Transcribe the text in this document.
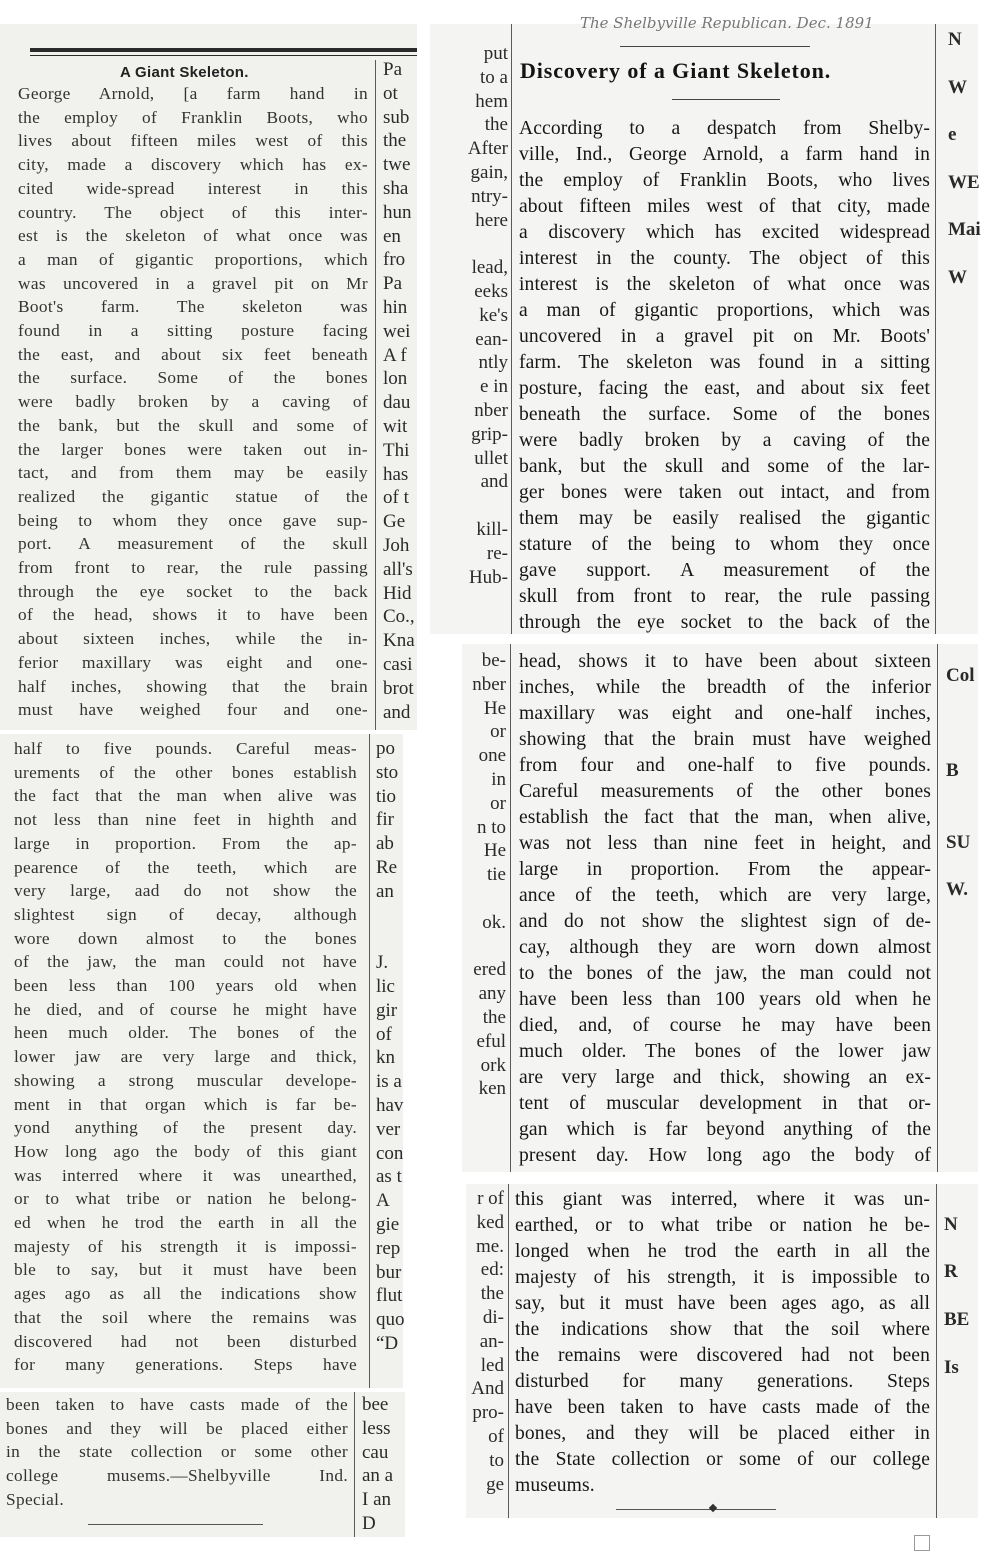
A Giant Skeleton.
George Arnold, [a farm hand in
the employ of Franklin Boots, who
lives about fifteen miles west of this
city, made a discovery which has ex-
cited wide-spread interest in this
country. The object of this inter-
est is the skeleton of what once was
a man of gigantic proportions, which
was uncovered in a gravel pit on Mr
Boot's farm. The skeleton was
found in a sitting posture facing
the east, and about six feet beneath
the surface. Some of the bones
were badly broken by a caving of
the bank, but the skull and some of
the larger bones were taken out in-
tact, and from them may be easily
realized the gigantic statue of the
being to whom they once gave sup-
port. A measurement of the skull
from front to rear, the rule passing
through the eye socket to the back
of the head, shows it to have been
about sixteen inches, while the in-
ferior maxillary was eight and one-
half inches, showing that the brain
must have weighed four and one-
Pa
ot
sub
the
twe
sha
hun
en
fro
Pa
hin
wei
A f
lon
dau
wit
Thi
has
of t
Ge
Joh
all's
Hid
Co.,
Kna
casi
brot
and
half to five pounds. Careful meas-
urements of the other bones establish
the fact that the man when alive was
not less than nine feet in highth and
large in proportion. From the ap-
pearence of the teeth, which are
very large, aad do not show the
slightest sign of decay, although
wore down almost to the bones
of the jaw, the man could not have
been less than 100 years old when
he died, and of course he might have
heen much older. The bones of the
lower jaw are very large and thick,
showing a strong muscular develope-
ment in that organ which is far be-
yond anything of the present day.
How long ago the body of this giant
was interred where it was unearthed,
or to what tribe or nation he belong-
ed when he trod the earth in all the
majesty of his strength it is impossi-
ble to say, but it must have been
ages ago as all the indications show
that the soil where the remains was
discovered had not been disturbed
for many generations. Steps have
po
sto
tio
fir
ab
Re
an

J.
lic
gir
of
kn
is a
hav
ver
con
as t
A
gie
rep
bur
flut
quo
“D
been taken to have casts made of the
bones and they will be placed either
in the state collection or some other
college musems.—Shelbyville Ind.
Special.
bee
less
cau
an a
I an
D
put
to a
hem
the
After
gain,
ntry-
here

lead,
eeks
ke's
ean-
ntly
e in
nber
grip-
ullet
and

kill-
re-
Hub-
The Shelbyville Republican. Dec. 1891
Discovery of a Giant Skeleton.
According to a despatch from Shelby-
ville, Ind., George Arnold, a farm hand in
the employ of Franklin Boots, who lives
about fifteen miles west of that city, made
a discovery which has excited widespread
interest in the county. The object of this
interest is the skeleton of what once was
a man of gigantic proportions, which was
uncovered in a gravel pit on Mr. Boots'
farm. The skeleton was found in a sitting
posture, facing the east, and about six feet
beneath the surface. Some of the bones
were badly broken by a caving of the
bank, but the skull and some of the lar-
ger bones were taken out intact, and from
them may be easily realised the gigantic
stature of the being to whom they once
gave support. A measurement of the
skull from front to rear, the rule passing
through the eye socket to the back of the
N

W

e

WE

Mai

W
be-
nber
He
or
one
in
or
n to
He
tie

ok.

ered
any
the
eful
ork
ken
head, shows it to have been about sixteen
inches, while the breadth of the inferior
maxillary was eight and one-half inches,
showing that the brain must have weighed
from four and one-half to five pounds.
Careful measurements of the other bones
establish the fact that the man, when alive,
was not less than nine feet in height, and
large in proportion. From the appear-
ance of the teeth, which are very large,
and do not show the slightest sign of de-
cay, although they are worn down almost
to the bones of the jaw, the man could not
have been less than 100 years old when he
died, and, of course he may have been
much older. The bones of the lower jaw
are very large and thick, showing an ex-
tent of muscular development in that or-
gan which is far beyond anything of the
present day. How long ago the body of
Col

B

SU

W.
r of
ked
me.
ed:
the
di-
an-
led
And
pro-
of
to
ge
this giant was interred, where it was un-
earthed, or to what tribe or nation he be-
longed when he trod the earth in all the
majesty of his strength, it is impossible to
say, but it must have been ages ago, as all
the indications show that the soil where
the remains were discovered had not been
disturbed for many generations. Steps
have been taken to have casts made of the
bones, and they will be placed either in
the State collection or some of our college
museums.

N

R

BE

Is
